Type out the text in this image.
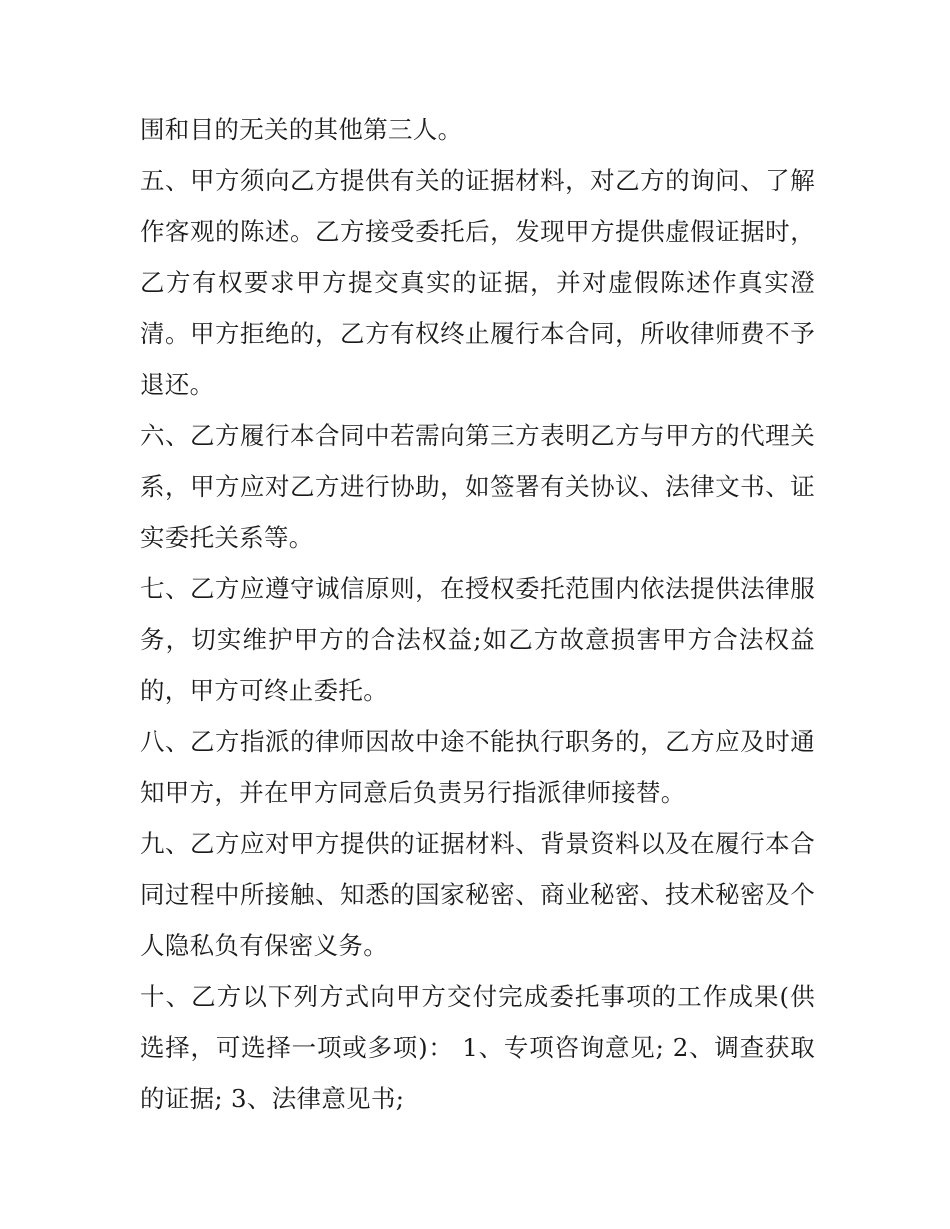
围和目的无关的其他第三人。

五、甲方须向乙方提供有关的证据材料，对乙方的询问、了解作客观的陈述。乙方接受委托后，发现甲方提供虚假证据时，乙方有权要求甲方提交真实的证据，并对虚假陈述作真实澄清。甲方拒绝的，乙方有权终止履行本合同，所收律师费不予退还。

六、乙方履行本合同中若需向第三方表明乙方与甲方的代理关系，甲方应对乙方进行协助，如签署有关协议、法律文书、证实委托关系等。

七、乙方应遵守诚信原则，在授权委托范围内依法提供法律服务，切实维护甲方的合法权益;如乙方故意损害甲方合法权益的，甲方可终止委托。

八、乙方指派的律师因故中途不能执行职务的，乙方应及时通知甲方，并在甲方同意后负责另行指派律师接替。

九、乙方应对甲方提供的证据材料、背景资料以及在履行本合同过程中所接触、知悉的国家秘密、商业秘密、技术秘密及个人隐私负有保密义务。

十、乙方以下列方式向甲方交付完成委托事项的工作成果(供选择，可选择一项或多项)： 1、专项咨询意见; 2、调查获取的证据; 3、法律意见书;
